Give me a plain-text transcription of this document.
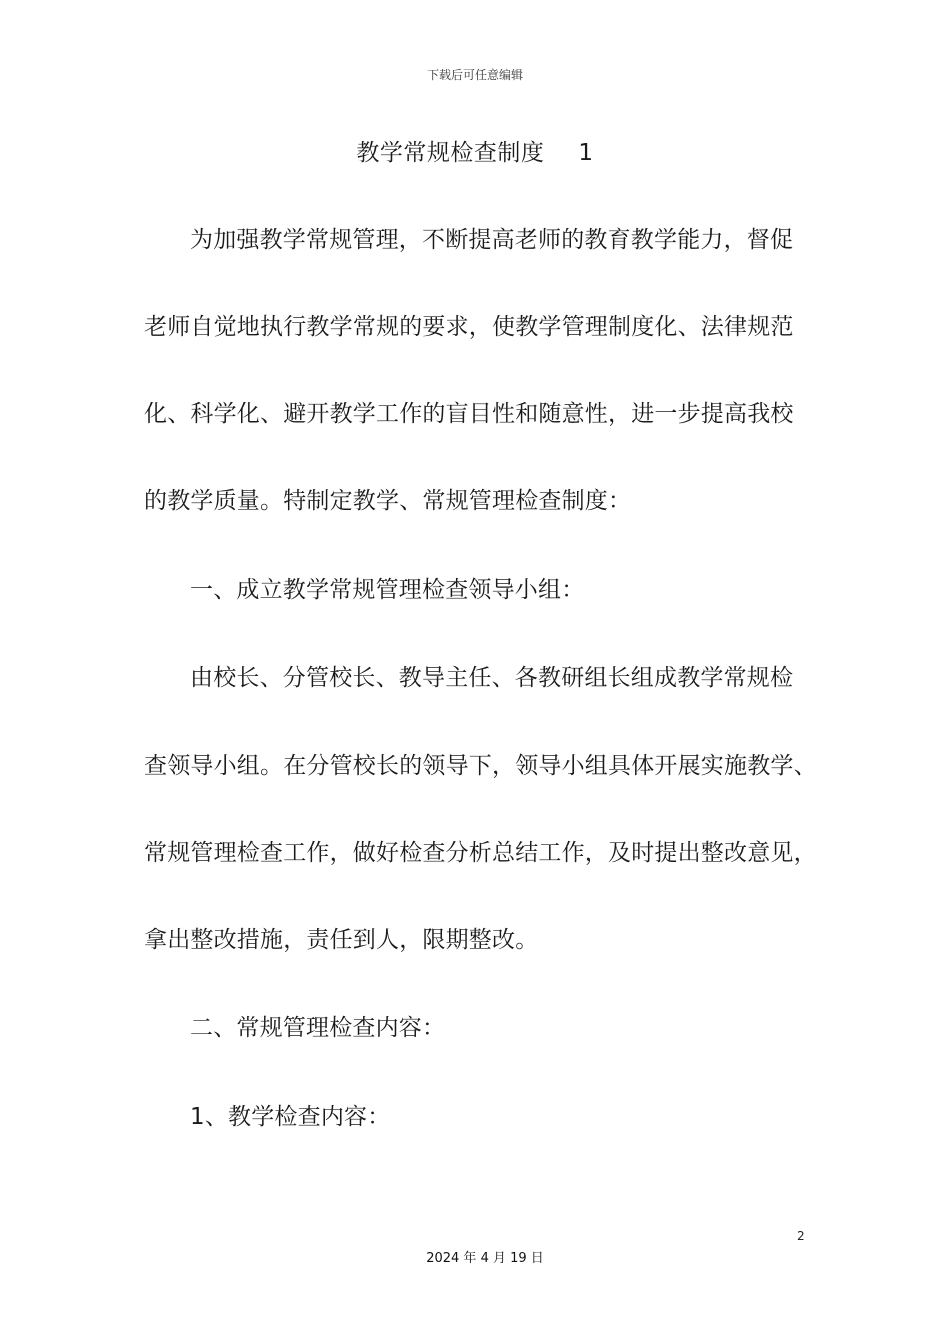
下载后可任意编辑
教学常规检查制度 1
为加强教学常规管理，不断提高老师的教育教学能力，督促
老师自觉地执行教学常规的要求，使教学管理制度化、法律规范
化、科学化、避开教学工作的盲目性和随意性，进一步提高我校
的教学质量。特制定教学、常规管理检查制度：
一、成立教学常规管理检查领导小组：
由校长、分管校长、教导主任、各教研组长组成教学常规检
查领导小组。在分管校长的领导下，领导小组具体开展实施教学、
常规管理检查工作，做好检查分析总结工作，及时提出整改意见，
拿出整改措施，责任到人，限期整改。
二、常规管理检查内容：
1、教学检查内容：
2
2024 年 4 月 19 日
